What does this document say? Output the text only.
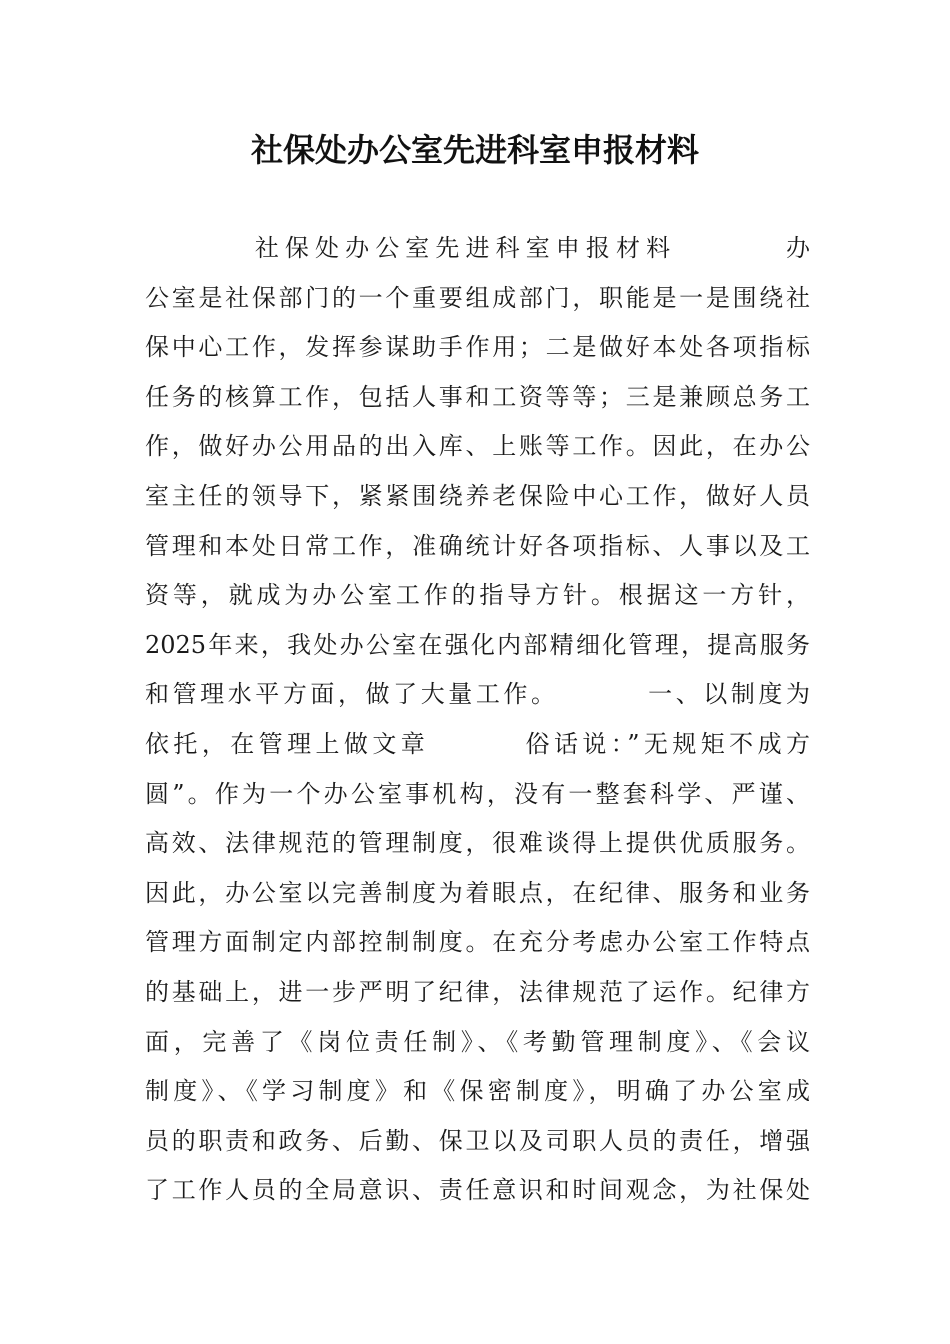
社保处办公室先进科室申报材料
社保处办公室先进科室申报材料        办
公室是社保部门的一个重要组成部门，职能是一是围绕社
保中心工作，发挥参谋助手作用；二是做好本处各项指标
任务的核算工作，包括人事和工资等等；三是兼顾总务工
作，做好办公用品的出入库、上账等工作。因此，在办公
室主任的领导下，紧紧围绕养老保险中心工作，做好人员
管理和本处日常工作，准确统计好各项指标、人事以及工
资等，就成为办公室工作的指导方针。根据这一方针，
2025年来，我处办公室在强化内部精细化管理，提高服务
和管理水平方面，做了大量工作。        一、以制度为
依托，在管理上做文章        俗话说：”无规矩不成方
圆”。作为一个办公室事机构，没有一整套科学、严谨、
高效、法律规范的管理制度，很难谈得上提供优质服务。
因此，办公室以完善制度为着眼点，在纪律、服务和业务
管理方面制定内部控制制度。在充分考虑办公室工作特点
的基础上，进一步严明了纪律，法律规范了运作。纪律方
面，完善了《岗位责任制》、《考勤管理制度》、《会议
制度》、《学习制度》和《保密制度》，明确了办公室成
员的职责和政务、后勤、保卫以及司职人员的责任，增强
了工作人员的全局意识、责任意识和时间观念，为社保处
